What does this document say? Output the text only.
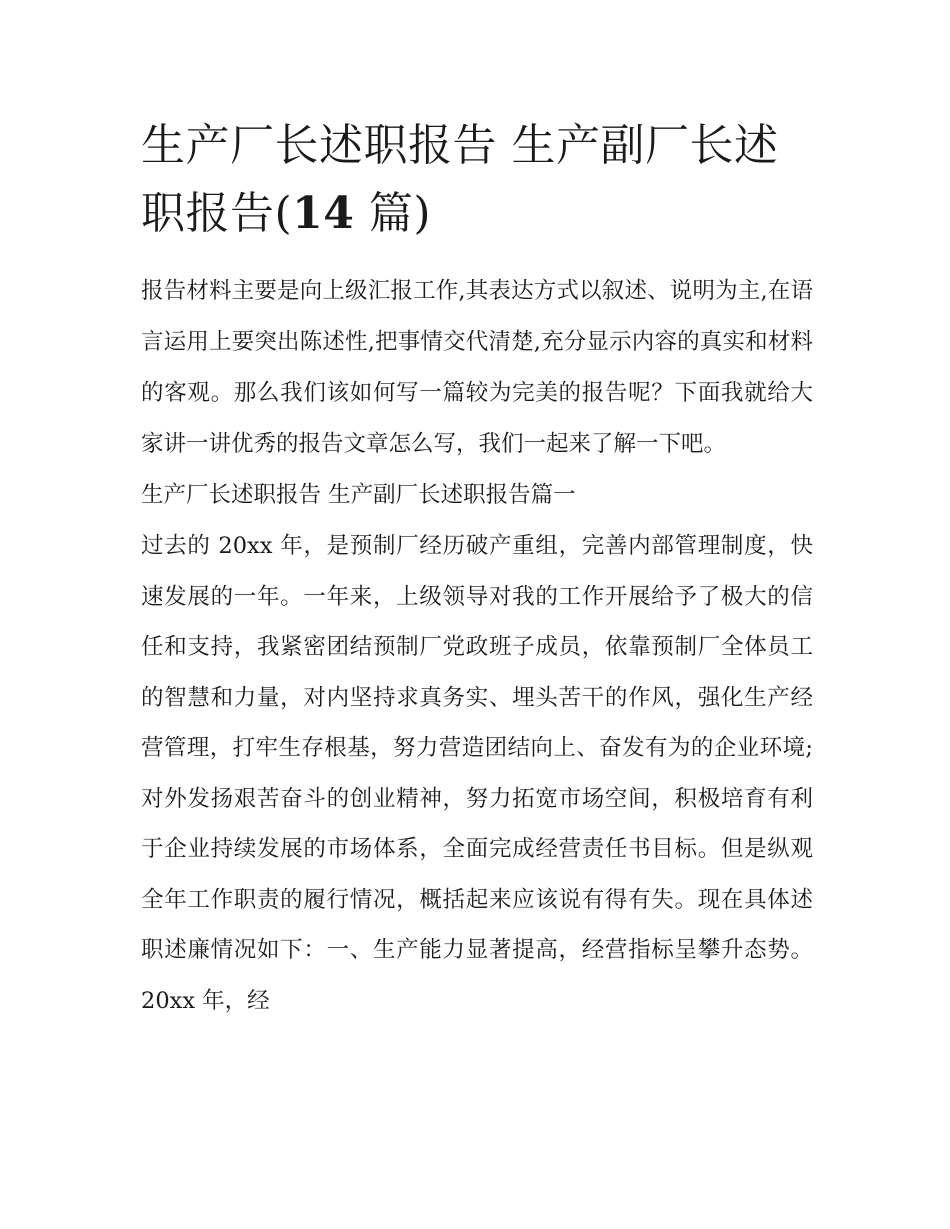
生产厂长述职报告 生产副厂长述职报告(14 篇)

报告材料主要是向上级汇报工作,其表达方式以叙述、说明为主,在语言运用上要突出陈述性,把事情交代清楚,充分显示内容的真实和材料的客观。那么我们该如何写一篇较为完美的报告呢？下面我就给大家讲一讲优秀的报告文章怎么写，我们一起来了解一下吧。

生产厂长述职报告 生产副厂长述职报告篇一

过去的 20xx 年，是预制厂经历破产重组，完善内部管理制度，快速发展的一年。一年来，上级领导对我的工作开展给予了极大的信任和支持，我紧密团结预制厂党政班子成员，依靠预制厂全体员工的智慧和力量，对内坚持求真务实、埋头苦干的作风，强化生产经营管理，打牢生存根基，努力营造团结向上、奋发有为的企业环境;对外发扬艰苦奋斗的创业精神，努力拓宽市场空间，积极培育有利于企业持续发展的市场体系，全面完成经营责任书目标。但是纵观全年工作职责的履行情况，概括起来应该说有得有失。现在具体述职述廉情况如下：一、生产能力显著提高，经营指标呈攀升态势。20xx 年，经
